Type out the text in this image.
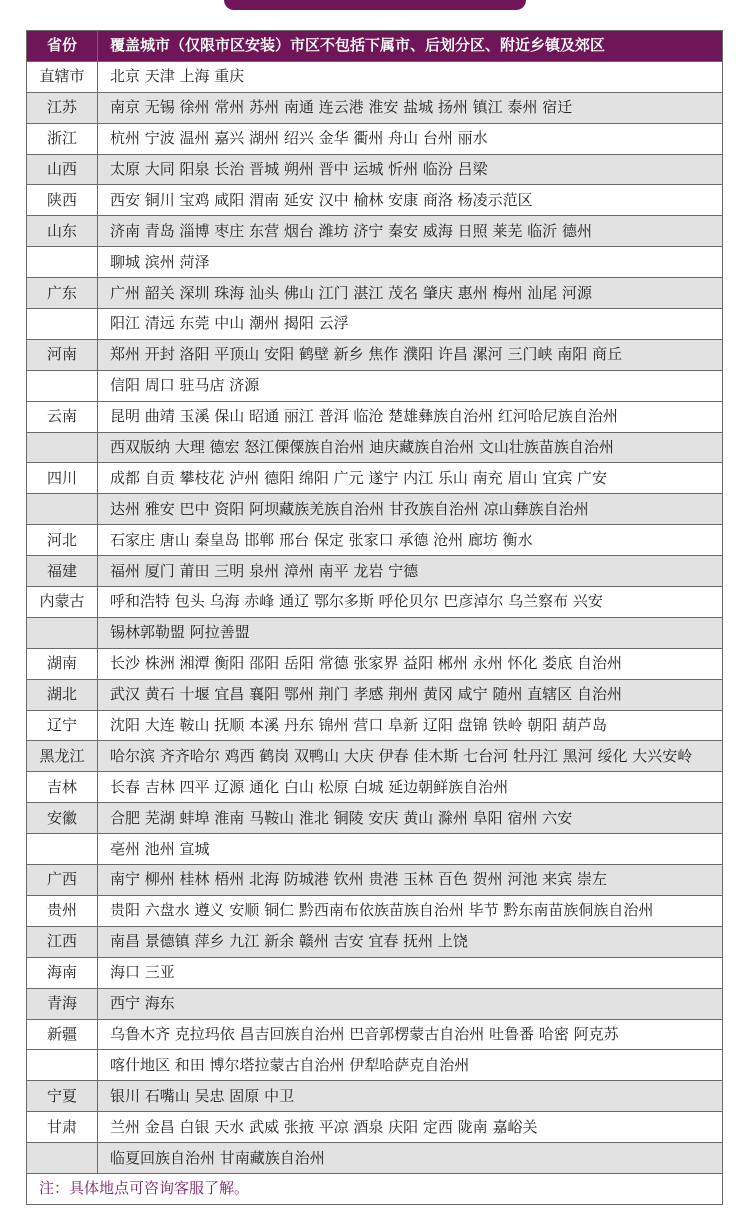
省份	覆盖城市（仅限市区安装）市区不包括下属市、后划分区、附近乡镇及郊区
直辖市	北京 天津 上海 重庆
江苏	南京 无锡 徐州 常州 苏州 南通 连云港 淮安 盐城 扬州 镇江 泰州 宿迁
浙江	杭州 宁波 温州 嘉兴 湖州 绍兴 金华 衢州 舟山 台州 丽水
山西	太原 大同 阳泉 长治 晋城 朔州 晋中 运城 忻州 临汾 吕梁
陕西	西安 铜川 宝鸡 咸阳 渭南 延安 汉中 榆林 安康 商洛 杨凌示范区
山东	济南 青岛 淄博 枣庄 东营 烟台 潍坊 济宁 秦安 威海 日照 莱芜 临沂 德州
	聊城 滨州 菏泽
广东	广州 韶关 深圳 珠海 汕头 佛山 江门 湛江 茂名 肇庆 惠州 梅州 汕尾 河源
	阳江 清远 东莞 中山 潮州 揭阳 云浮
河南	郑州 开封 洛阳 平顶山 安阳 鹤壁 新乡 焦作 濮阳 许昌 漯河 三门峡 南阳 商丘
	信阳 周口 驻马店 济源
云南	昆明 曲靖 玉溪 保山 昭通 丽江 普洱 临沧 楚雄彝族自治州 红河哈尼族自治州
	西双版纳 大理 德宏 怒江傈僳族自治州 迪庆藏族自治州 文山壮族苗族自治州
四川	成都 自贡 攀枝花 泸州 德阳 绵阳 广元 遂宁 内江 乐山 南充 眉山 宜宾 广安
	达州 雅安 巴中 资阳 阿坝藏族羌族自治州 甘孜族自治州 凉山彝族自治州
河北	石家庄 唐山 秦皇岛 邯郸 邢台 保定 张家口 承德 沧州 廊坊 衡水
福建	福州 厦门 莆田 三明 泉州 漳州 南平 龙岩 宁德
内蒙古	呼和浩特 包头 乌海 赤峰 通辽 鄂尔多斯 呼伦贝尔 巴彦淖尔 乌兰察布 兴安
	锡林郭勒盟 阿拉善盟
湖南	长沙 株洲 湘潭 衡阳 邵阳 岳阳 常德 张家界 益阳 郴州 永州 怀化 娄底 自治州
湖北	武汉 黄石 十堰 宜昌 襄阳 鄂州 荆门 孝感 荆州 黄冈 咸宁 随州 直辖区 自治州
辽宁	沈阳 大连 鞍山 抚顺 本溪 丹东 锦州 营口 阜新 辽阳 盘锦 铁岭 朝阳 葫芦岛
黑龙江	哈尔滨 齐齐哈尔 鸡西 鹤岗 双鸭山 大庆 伊春 佳木斯 七台河 牡丹江 黑河 绥化 大兴安岭
吉林	长春 吉林 四平 辽源 通化 白山 松原 白城 延边朝鲜族自治州
安徽	合肥 芜湖 蚌埠 淮南 马鞍山 淮北 铜陵 安庆 黄山 滁州 阜阳 宿州 六安
	亳州 池州 宣城
广西	南宁 柳州 桂林 梧州 北海 防城港 钦州 贵港 玉林 百色 贺州 河池 来宾 崇左
贵州	贵阳 六盘水 遵义 安顺 铜仁 黔西南布依族苗族自治州 毕节 黔东南苗族侗族自治州
江西	南昌 景德镇 萍乡 九江 新余 赣州 吉安 宜春 抚州 上饶
海南	海口 三亚
青海	西宁 海东
新疆	乌鲁木齐 克拉玛依 昌吉回族自治州 巴音郭楞蒙古自治州 吐鲁番 哈密 阿克苏
	喀什地区 和田 博尔塔拉蒙古自治州 伊犁哈萨克自治州
宁夏	银川 石嘴山 吴忠 固原 中卫
甘肃	兰州 金昌 白银 天水 武威 张掖 平凉 酒泉 庆阳 定西 陇南 嘉峪关
	临夏回族自治州 甘南藏族自治州
注：具体地点可咨询客服了解。	
